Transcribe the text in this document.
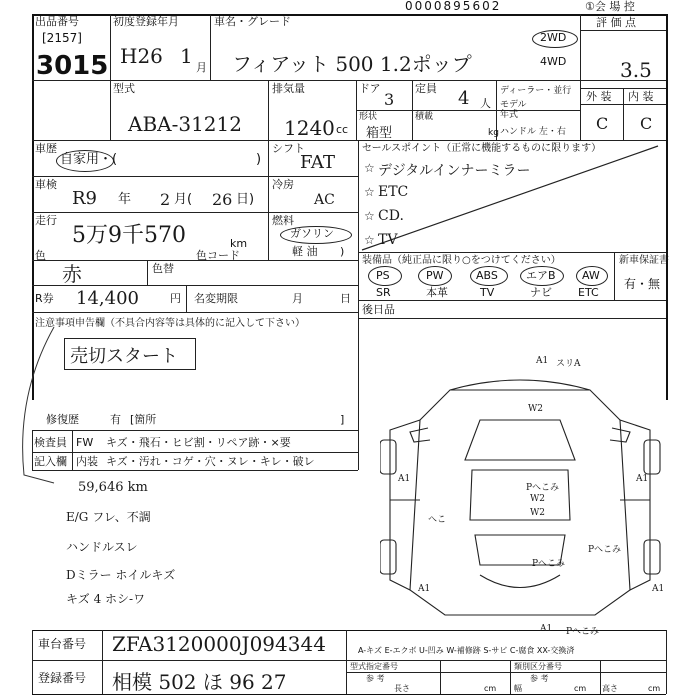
0000895602	①会 場 控
出品番号
[2157]
3015
初度登録年月
H26 1 月
車名・グレード
フィアット 500 1.2ポップ
2WD
4WD
評 価 点
3.5
外 装 内 装
C C
型式
ABA-31212
排気量
1240 cc
ドア
3
定員 4 人
ディーラー・並行
モデル
年式
ハンドル 左・右
形状
箱型
積載
kg
車歴
自家用・(	)
シフト
FAT
車検
R9 年 2 月( 26 日)
冷房
AC
走行
5万9千570	km
燃料
ガソリン
軽 油 )
色
赤	色替
色コード
R券 14,400	円 名変期限	月	日
注意事項申告欄（不具合内容等は具体的に記入して下さい）
売切スタート
修復歴	有 [箇所	]
セールスポイント（正常に機能するものに限ります）
デジタルインナーミラー
ETC
CD.
TV
☆
☆
☆
☆
装備品（純正品に限り○をつけてください）	新車保証書
有・無
PS	PW	ABS	エアB AW
SR	本革	TV	ナビ ETC
後日品
検査員
記入欄
FW キズ・飛石・ヒビ割・リペア跡・×要
内装 キズ・汚れ・コゲ・穴・ヌレ・キレ・破レ
59,646 km
E/G フレ、不調
ハンドルスレ
Dミラー ホイルキズ
キズ 4 ホシ-ワ
A1 スリA
W2
A1
Pへこみ
W2
W2
A1
Pへこみ
Pへこみ
A1	A1
A1 Pへこみ
へこ
車台番号 ZFA3120000J094344
登録番号 相模 502 ほ 96 27
A-キズ E-エクボ U-凹み W-補修跡 S-サビ C-腐食 XX-交換済
型式指定番号
参 考
類別区分番号
参 考
長さ	cm 幅	cm 高さ	cm
